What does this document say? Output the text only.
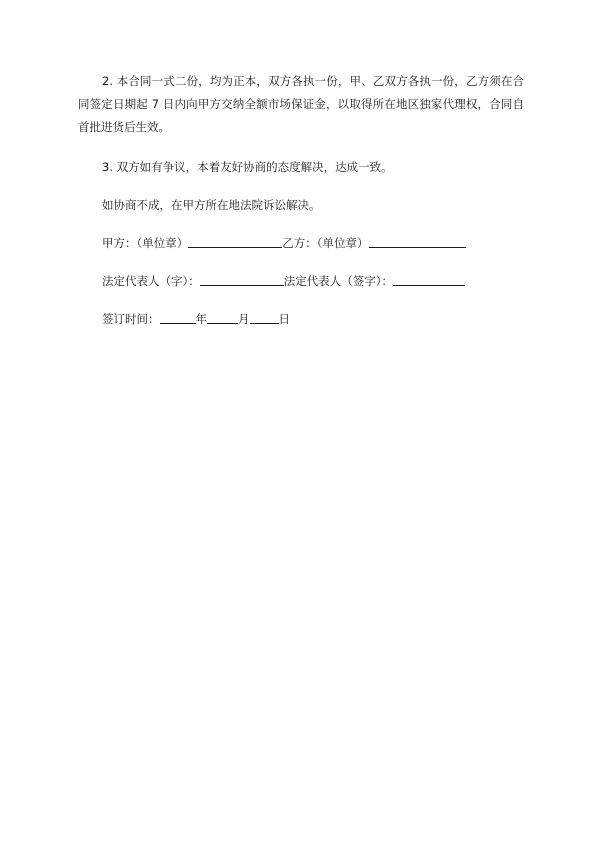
2. 本合同一式二份，均为正本，双方各执一份，甲、乙双方各执一份，乙方须在合同签定日期起 7 日内向甲方交纳全额市场保证金，以取得所在地区独家代理权，合同自首批进货后生效。

3. 双方如有争议，本着友好协商的态度解决，达成一致。

如协商不成，在甲方所在地法院诉讼解决。

甲方：（单位章）	乙方：（单位章）

法定代表人（字）：	法定代表人（签字）：

签订时间：	年	月	日
